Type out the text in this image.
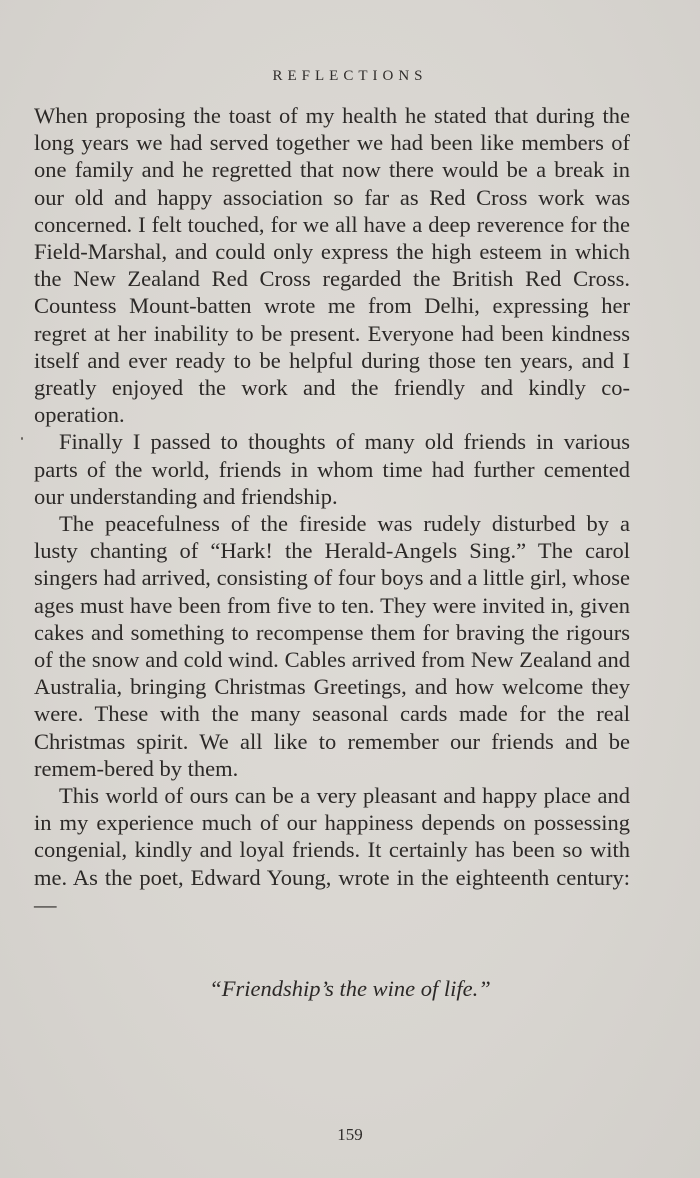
REFLECTIONS

When proposing the toast of my health he stated that during the long years we had served together we had been like members of one family and he regretted that now there would be a break in our old and happy association so far as Red Cross work was concerned. I felt touched, for we all have a deep reverence for the Field-Marshal, and could only express the high esteem in which the New Zealand Red Cross regarded the British Red Cross. Countess Mount-batten wrote me from Delhi, expressing her regret at her inability to be present. Everyone had been kindness itself and ever ready to be helpful during those ten years, and I greatly enjoyed the work and the friendly and kindly co-operation.

Finally I passed to thoughts of many old friends in various parts of the world, friends in whom time had further cemented our understanding and friendship.

The peacefulness of the fireside was rudely disturbed by a lusty chanting of “Hark! the Herald-Angels Sing.” The carol singers had arrived, consisting of four boys and a little girl, whose ages must have been from five to ten. They were invited in, given cakes and something to recompense them for braving the rigours of the snow and cold wind. Cables arrived from New Zealand and Australia, bringing Christmas Greetings, and how welcome they were. These with the many seasonal cards made for the real Christmas spirit. We all like to remember our friends and be remem-bered by them.

This world of ours can be a very pleasant and happy place and in my experience much of our happiness depends on possessing congenial, kindly and loyal friends. It certainly has been so with me. As the poet, Edward Young, wrote in the eighteenth century:—

“Friendship’s the wine of life.”
159
